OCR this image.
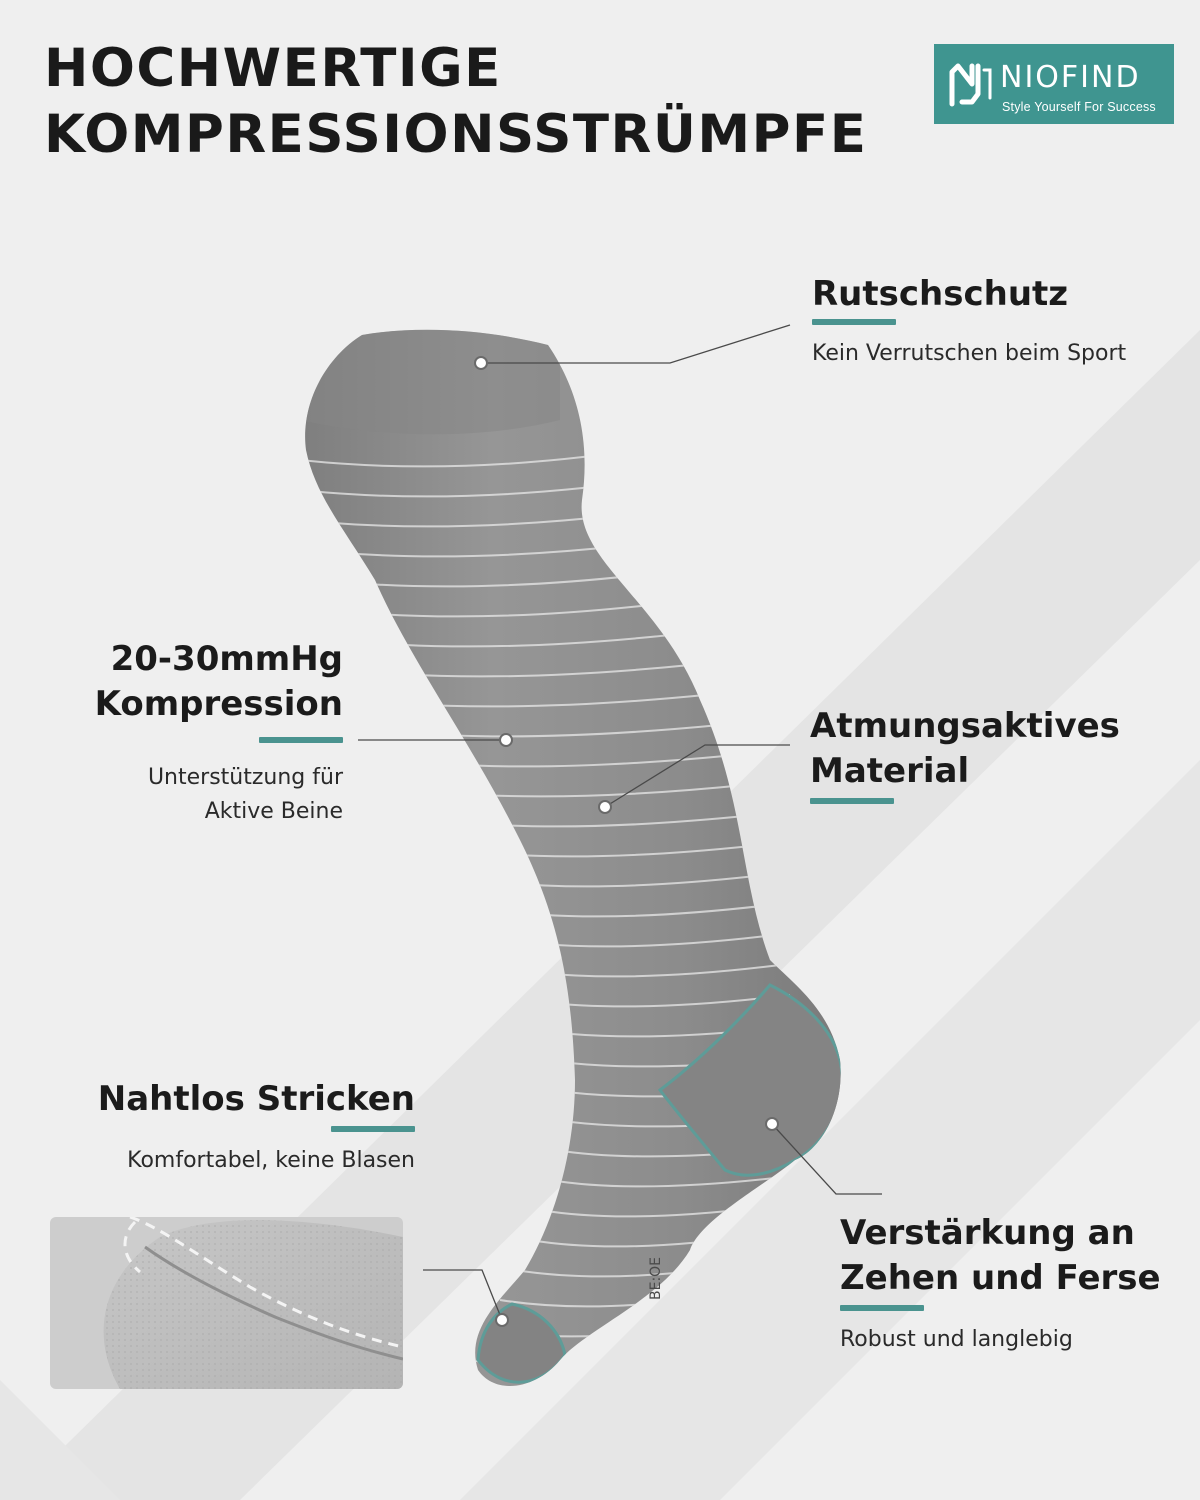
HOCHWERTIGE
KOMPRESSIONSSTRÜMPFE
NIOFIND
Style Yourself For Success
BE:OE
Rutschschutz

Kein Verrutschen beim Sport

20-30mmHg
Kompression

Unterstützung für
Aktive Beine

Atmungsaktives
Material
Nahtlos Stricken

Komfortabel, keine Blasen

Verstärkung an
Zehen und Ferse

Robust und langlebig
